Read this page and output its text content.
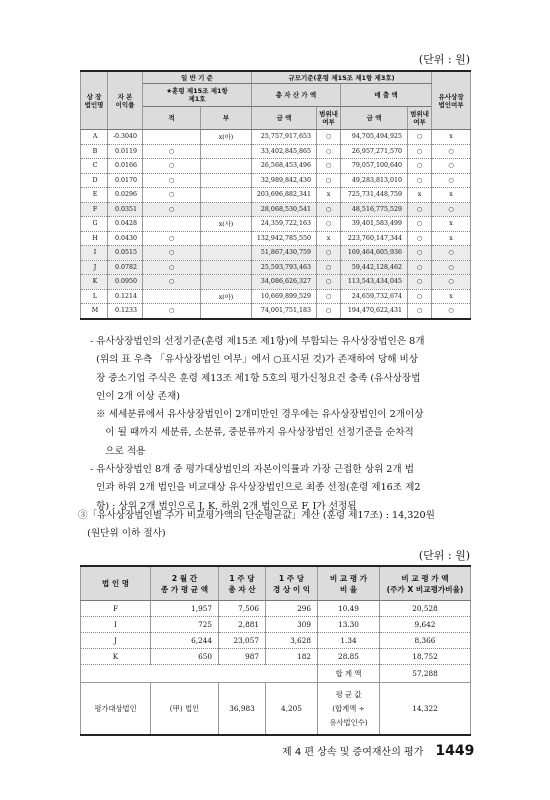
(단위 : 원)
상 장
법인명	자 본
이익률	일 반 기 준		규모기준(훈령 제15조 제1항 제3호)				유사상장
법인여부
		★훈령 제15조 제1항
제1호		총 자 산 가 액		매 출 액		
		적	부	금 액	범위내
여부	금 액	범위내
여부	
A	-0.3040		x(아)	25,757,917,653	○	94,705,494,925	○	x
B	0.0119	○		33,402,845,865	○	26,957,271,570	○	○
C	0.0166	○		26,568,453,496	○	79,057,100,640	○	○
D	0.0170	○		32,989,842,430	○	49,283,813,010	○	○
E	0.0296	○		203,696,882,341	x	725,731,448,759	x	x
F	0.0351	○		28,068,530,541	○	48,516,775,529	○	○
G	0.0428		x(사)	24,359,722,163	○	39,401,583,499	○	x
H	0.0430	○		132,942,785,550	x	223,760,147,344	○	x
I	0.0515	○		51,867,430,759	○	169,464,605,936	○	○
J	0.0782	○		25,593,793,463	○	59,442,128,462	○	○
K	0.0950	○		34,086,626,327	○	113,543,434,045	○	○
L	0.1214		x(아)	10,669,899,529	○	24,659,732,674	○	x
M	0.1233	○		74,001,751,183	○	194,470,622,431	○	○
- 유사상장법인의 선정기준(훈령 제15조 제1항)에 부합되는 유사상장법인은 8개
(위의 표 우측 「유사상장법인 여부」에서 ○표시된 것)가 존재하여 당해 비상
장 중소기업 주식은 훈령 제13조 제1항 5호의 평가신청요건 충족 (유사상장법
인이 2개 이상 존재)
※ 세세분류에서 유사상장법인이 2개미만인 경우에는 유사상장법인이 2개이상
이 될 때까지 세분류, 소분류, 중분류까지 유사상장법인 선정기준을 순차적
으로 적용
- 유사상장법인 8개 중 평가대상법인의 자본이익률과 가장 근접한 상위 2개 법
인과 하위 2개 법인을 비교대상 유사상장법인으로 최종 선정(훈령 제16조 제2
항) : 상위 2개 법인으로 J, K, 하위 2개 법인으로 F, I가 선정됨
③「유사상장법인별 주가 비교평가액의 단순평균값」계산 (훈령 제17조) : 14,320원
(원단위 이하 절사)
(단위 : 원)
법 인 명	2 월 간
종 가 평 균 액	1 주 당
총 자 산	1 주 당
경 상 이 익	비 교 평 가
비 율	비 교 평 가 액
(주가 X 비교평가비율)
F	1,957	7,506	296	10.49	20,528
I	725	2,881	309	13.30	9,642
J	6,244	23,057	3,628	1.34	8,366
K	650	987	182	28.85	18,752
				합 계 액	57,288
평가대상법인	(甲) 법인	36,983	4,205	평 균 값
(합계액 ÷
유사법인수)	14,322
제 4 편 상속 및 증여재산의 평가 1449
